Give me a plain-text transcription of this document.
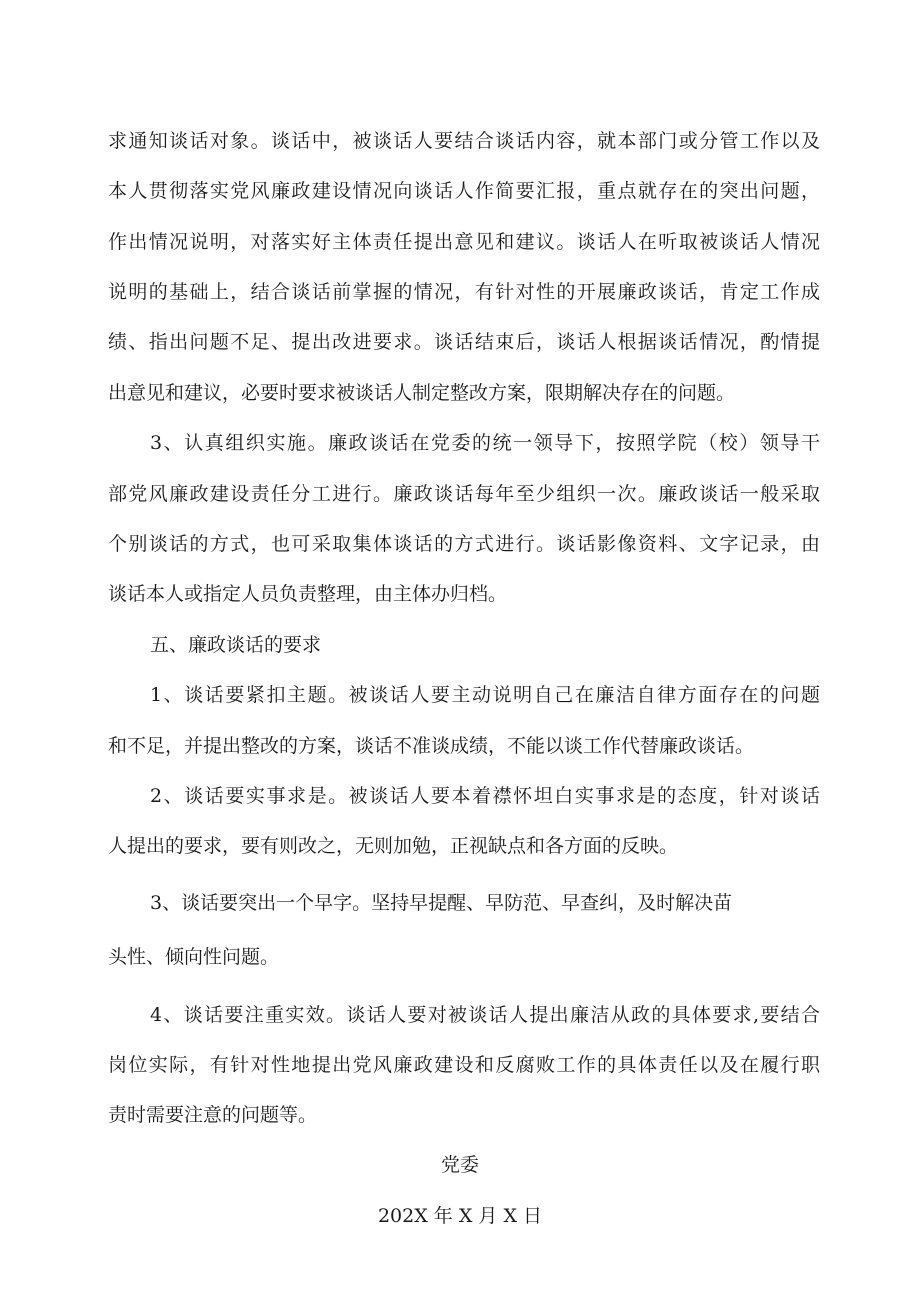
求通知谈话对象。谈话中，被谈话人要结合谈话内容，就本部门或分管工作以及
本人贯彻落实党风廉政建设情况向谈话人作简要汇报，重点就存在的突出问题，
作出情况说明，对落实好主体责任提出意见和建议。谈话人在听取被谈话人情况
说明的基础上，结合谈话前掌握的情况，有针对性的开展廉政谈话，肯定工作成
绩、指出问题不足、提出改进要求。谈话结束后，谈话人根据谈话情况，酌情提
出意见和建议，必要时要求被谈话人制定整改方案，限期解决存在的问题。
3、认真组织实施。廉政谈话在党委的统一领导下，按照学院（校）领导干
部党风廉政建设责任分工进行。廉政谈话每年至少组织一次。廉政谈话一般采取
个别谈话的方式，也可采取集体谈话的方式进行。谈话影像资料、文字记录，由
谈话本人或指定人员负责整理，由主体办归档。
五、廉政谈话的要求
1、谈话要紧扣主题。被谈话人要主动说明自己在廉洁自律方面存在的问题
和不足，并提出整改的方案，谈话不准谈成绩，不能以谈工作代替廉政谈话。
2、谈话要实事求是。被谈话人要本着襟怀坦白实事求是的态度，针对谈话
人提出的要求，要有则改之，无则加勉，正视缺点和各方面的反映。
3、谈话要突出一个早字。坚持早提醒、早防范、早查纠，及时解决苗
头性、倾向性问题。
4、谈话要注重实效。谈话人要对被谈话人提出廉洁从政的具体要求,要结合
岗位实际，有针对性地提出党风廉政建设和反腐败工作的具体责任以及在履行职
责时需要注意的问题等。
党委
202X 年 X 月 X 日
